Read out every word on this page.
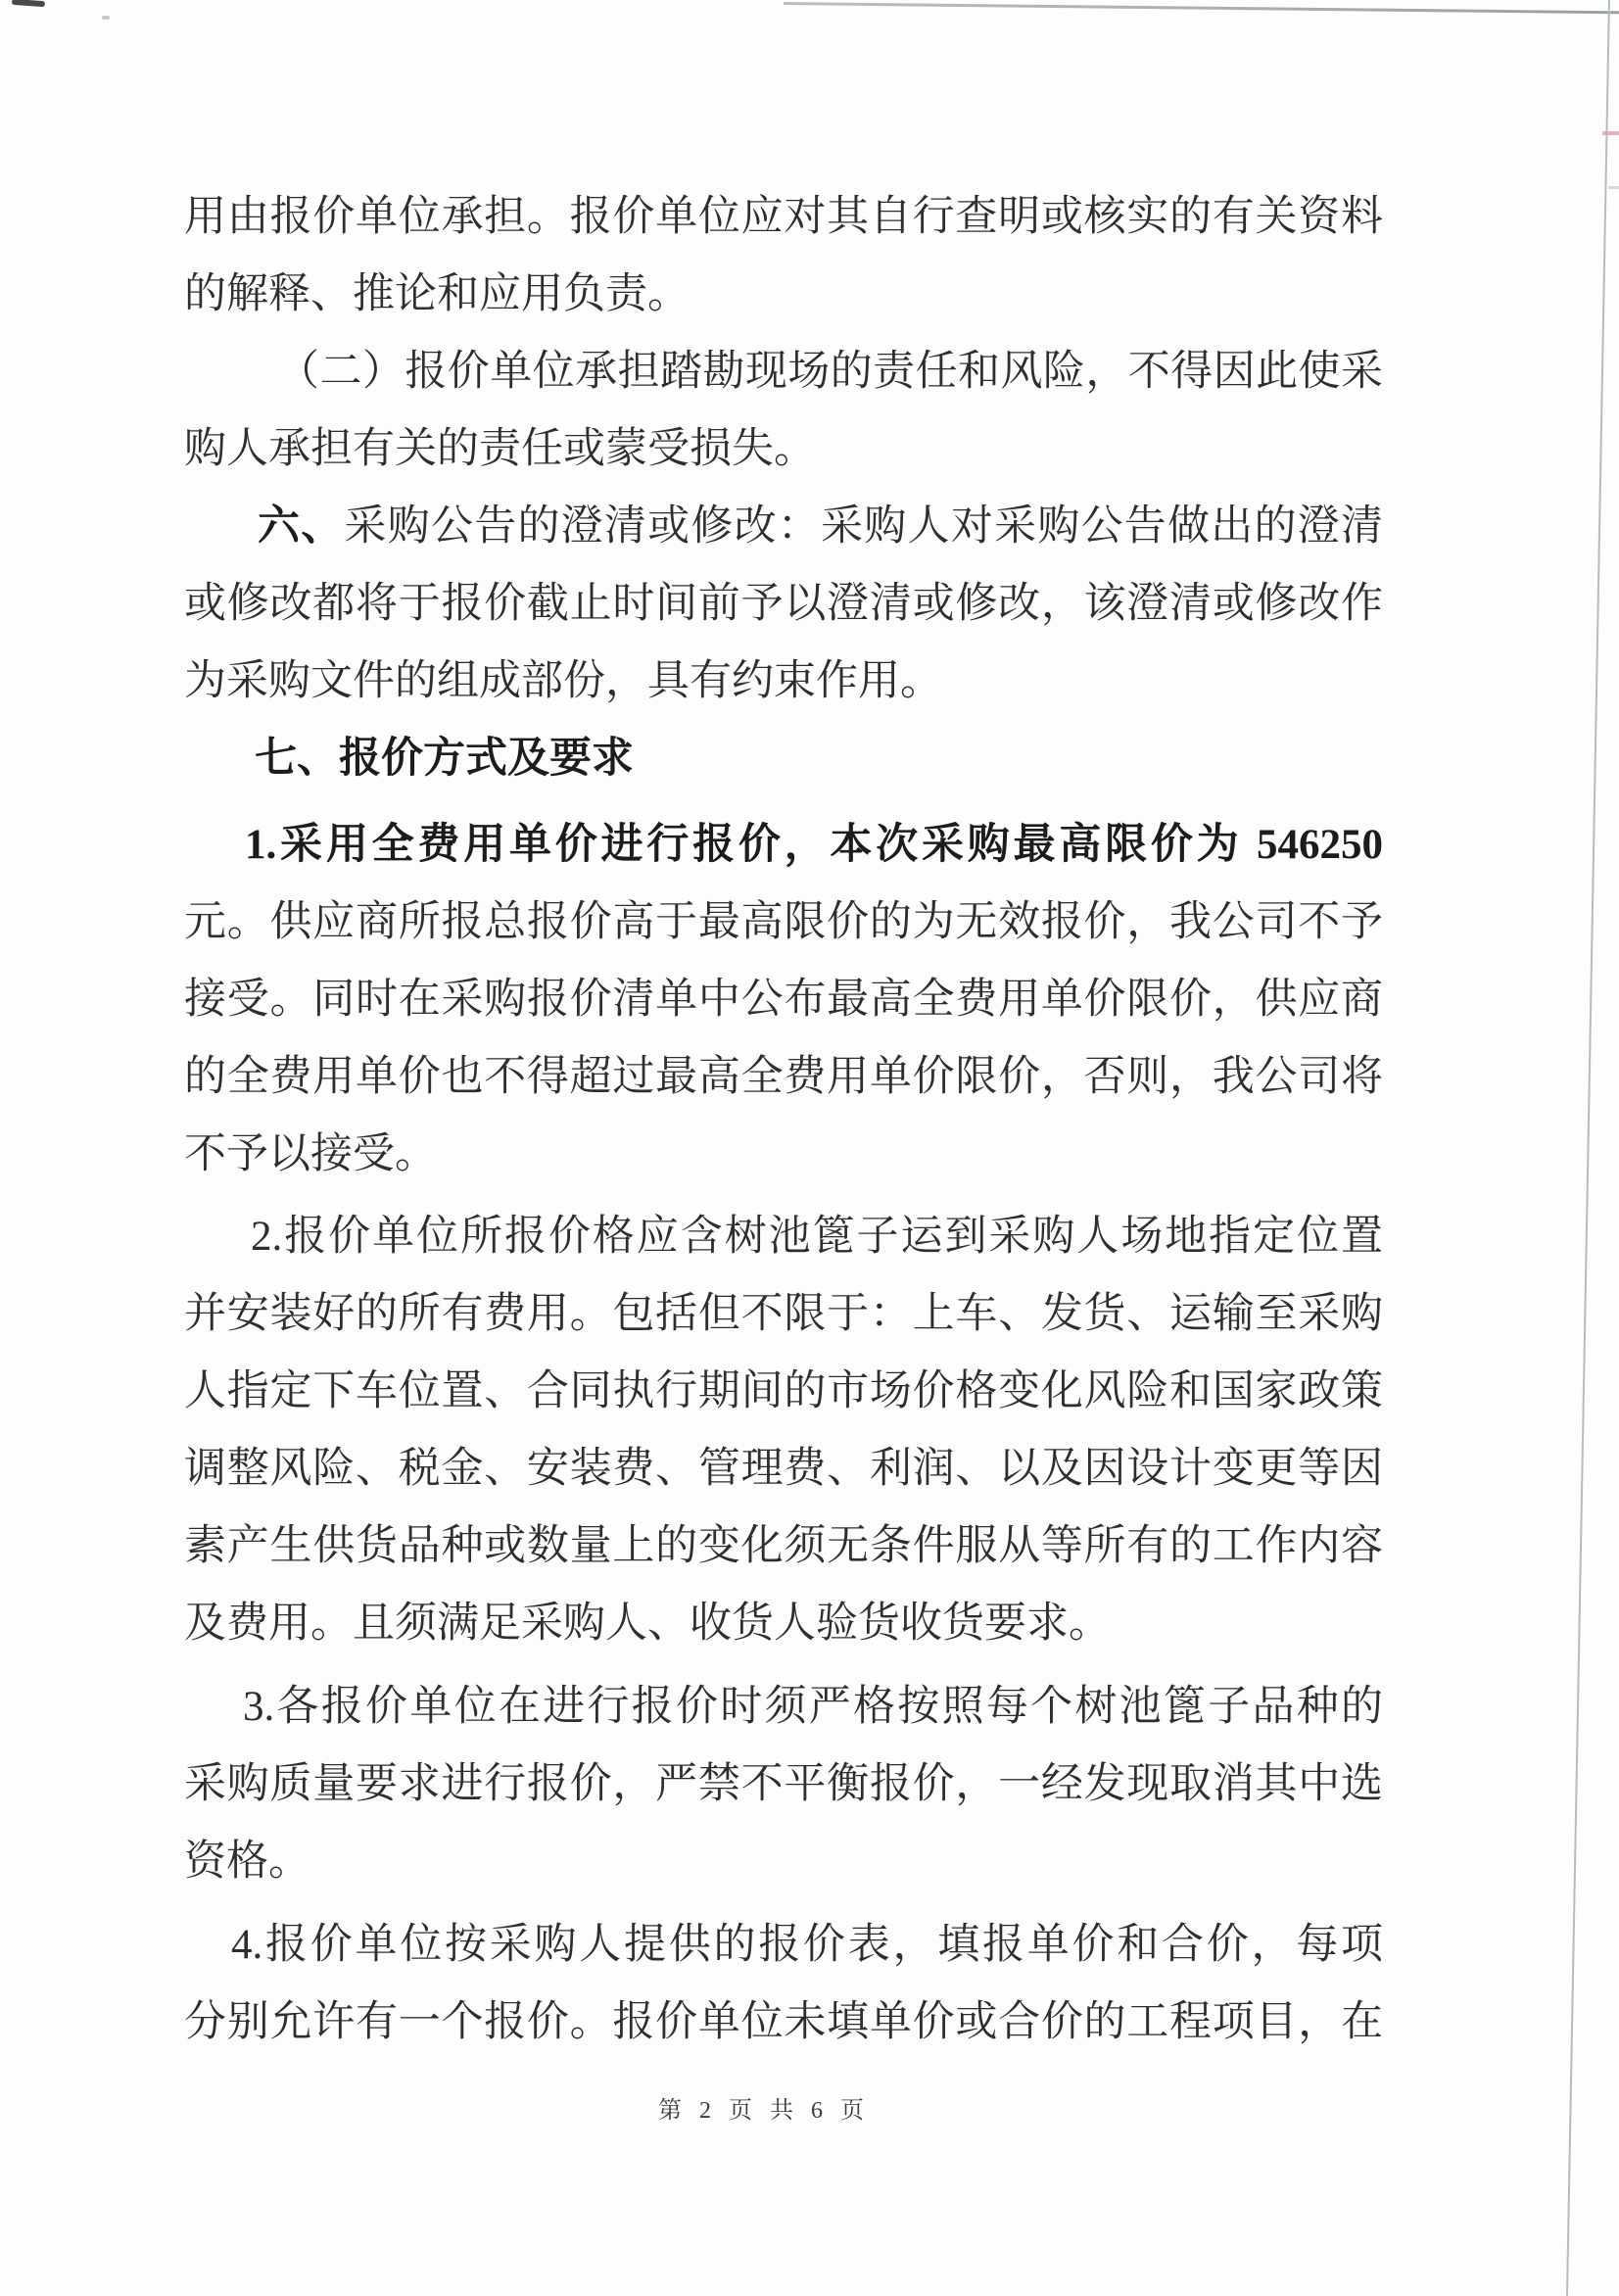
用由报价单位承担。报价单位应对其自行查明或核实的有关资料
的解释、推论和应用负责。
（二）报价单位承担踏勘现场的责任和风险，不得因此使采
购人承担有关的责任或蒙受损失。
六、采购公告的澄清或修改：采购人对采购公告做出的澄清
或修改都将于报价截止时间前予以澄清或修改，该澄清或修改作
为采购文件的组成部份，具有约束作用。
七、报价方式及要求
1.采用全费用单价进行报价，本次采购最高限价为 546250
元。供应商所报总报价高于最高限价的为无效报价，我公司不予
接受。同时在采购报价清单中公布最高全费用单价限价，供应商
的全费用单价也不得超过最高全费用单价限价，否则，我公司将
不予以接受。
2.报价单位所报价格应含树池篦子运到采购人场地指定位置
并安装好的所有费用。包括但不限于：上车、发货、运输至采购
人指定下车位置、合同执行期间的市场价格变化风险和国家政策
调整风险、税金、安装费、管理费、利润、以及因设计变更等因
素产生供货品种或数量上的变化须无条件服从等所有的工作内容
及费用。且须满足采购人、收货人验货收货要求。
3.各报价单位在进行报价时须严格按照每个树池篦子品种的
采购质量要求进行报价，严禁不平衡报价，一经发现取消其中选
资格。
4.报价单位按采购人提供的报价表，填报单价和合价，每项
分别允许有一个报价。报价单位未填单价或合价的工程项目，在
第 2 页 共 6 页
